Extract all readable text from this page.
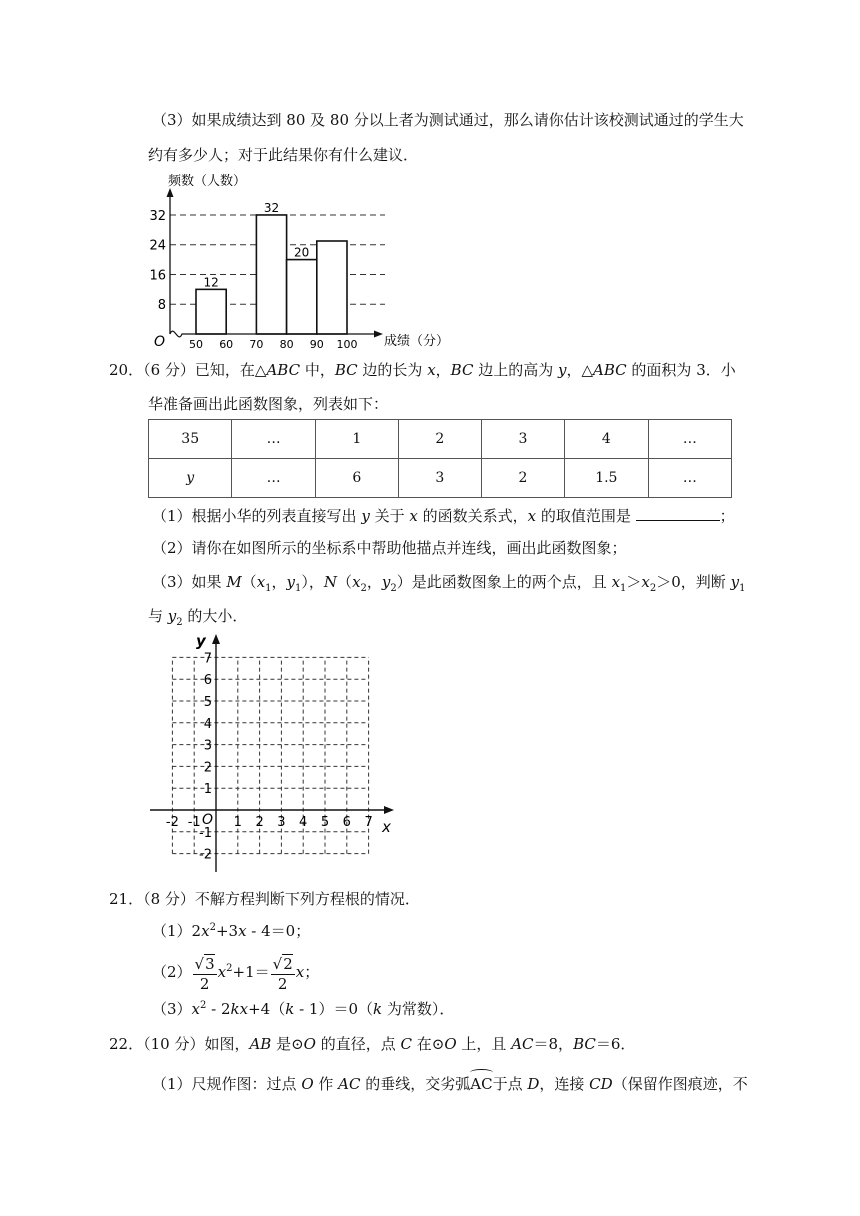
（3）如果成绩达到 80 及 80 分以上者为测试通过，那么请你估计该校测试通过的学生大
约有多少人；对于此结果你有什么建议．
频数（人数）
12
32
20
50 60 70 80 90 100
8
16
24
32
O	成绩（分）
20．（6 分）已知，在△ABC 中，BC 边的长为 x，BC 边上的高为 y，△ABC 的面积为 3．小
华准备画出此函数图象，列表如下：
35	…	1	2	3	4	…
y	…	6	3	2	1.5	…
（1）根据小华的列表直接写出 y 关于 x 的函数关系式，x 的取值范围是	；
（2）请你在如图所示的坐标系中帮助他描点并连线，画出此函数图象；
（3）如果 $M(x_1$，$y_1$），$N(x_2$，$y_2$）是此函数图象上的两个点，且 $x_1>x_2>0$，判断 $y_1$
与 $y_2$ 的大小．
-2 -1	1 2 3 4 5 6 7
7
6
5
4
3
2
1
-1
-2
y
x
O
21．（8 分）不解方程判断下列方程根的情况．
$(1)2x^2+3x - 4=0$；
$(2) \frac{√3}{2} x^2+1= \frac{√2}{2}$ x；
$(3)x^2 - 2kx+4(k - 1)=0(k$ 为常数）．
22．（10 分）如图，AB 是⊙O 的直径，点 C 在⊙O 上，且 AC＝8，BC＝6．
（1）尺规作图：过点 O 作 AC 的垂线，交劣弧AC于点 D，连接 CD（保留作图痕迹，不
